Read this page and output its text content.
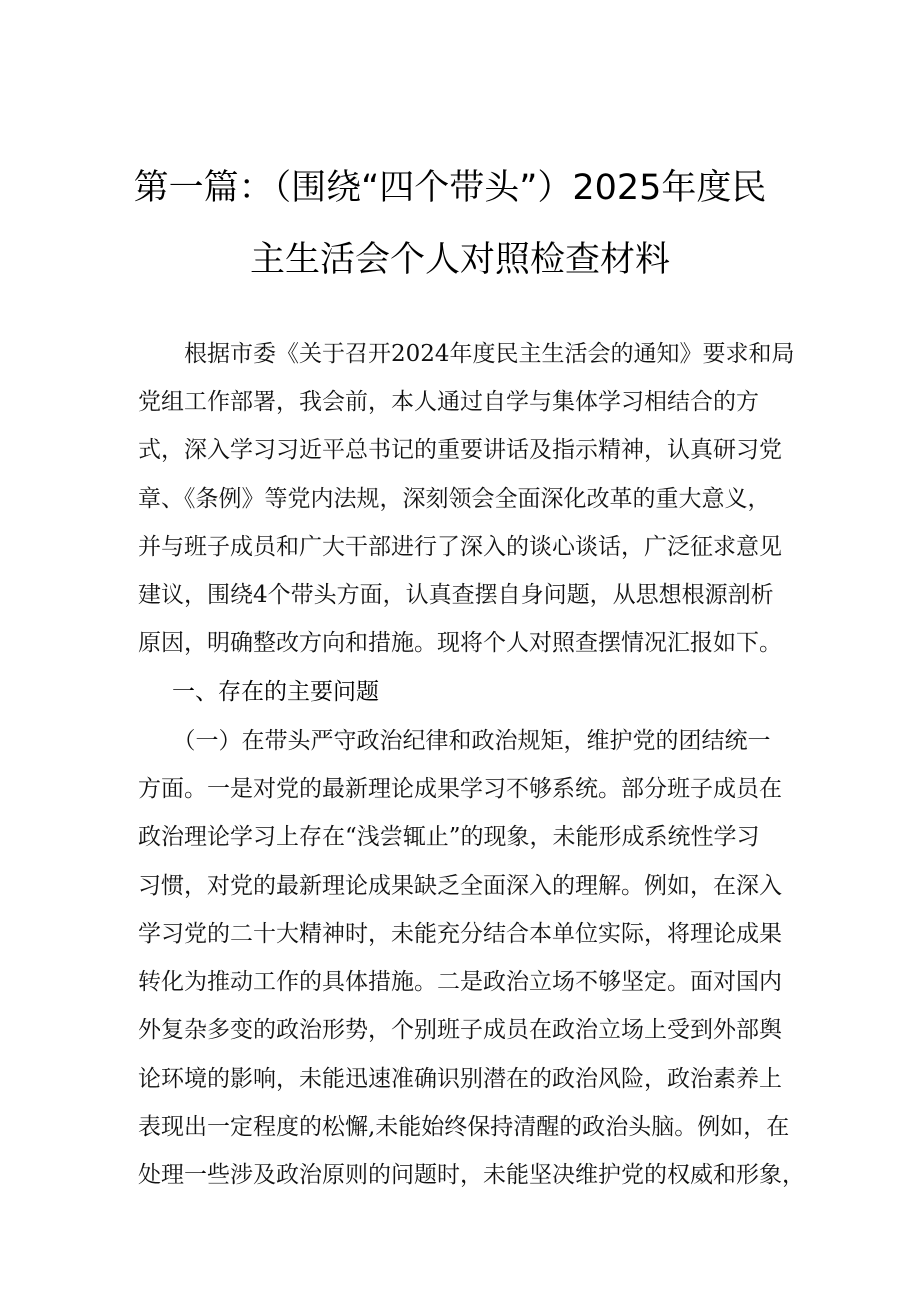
第一篇：（围绕“四个带头”）2025年度民
主生活会个人对照检查材料
　　根据市委《关于召开2024年度民主生活会的通知》要求和局
党组工作部署，我会前，本人通过自学与集体学习相结合的方
式，深入学习习近平总书记的重要讲话及指示精神，认真研习党
章、《条例》等党内法规，深刻领会全面深化改革的重大意义，
并与班子成员和广大干部进行了深入的谈心谈话，广泛征求意见
建议，围绕4个带头方面，认真查摆自身问题，从思想根源剖析
原因，明确整改方向和措施。现将个人对照查摆情况汇报如下。
一、存在的主要问题
　　（一）在带头严守政治纪律和政治规矩，维护党的团结统一
方面。一是对党的最新理论成果学习不够系统。部分班子成员在
政治理论学习上存在“浅尝辄止”的现象，未能形成系统性学习
习惯，对党的最新理论成果缺乏全面深入的理解。例如，在深入
学习党的二十大精神时，未能充分结合本单位实际，将理论成果
转化为推动工作的具体措施。二是政治立场不够坚定。面对国内
外复杂多变的政治形势，个别班子成员在政治立场上受到外部舆
论环境的影响，未能迅速准确识别潜在的政治风险，政治素养上
表现出一定程度的松懈,未能始终保持清醒的政治头脑。例如，在
处理一些涉及政治原则的问题时，未能坚决维护党的权威和形象，
